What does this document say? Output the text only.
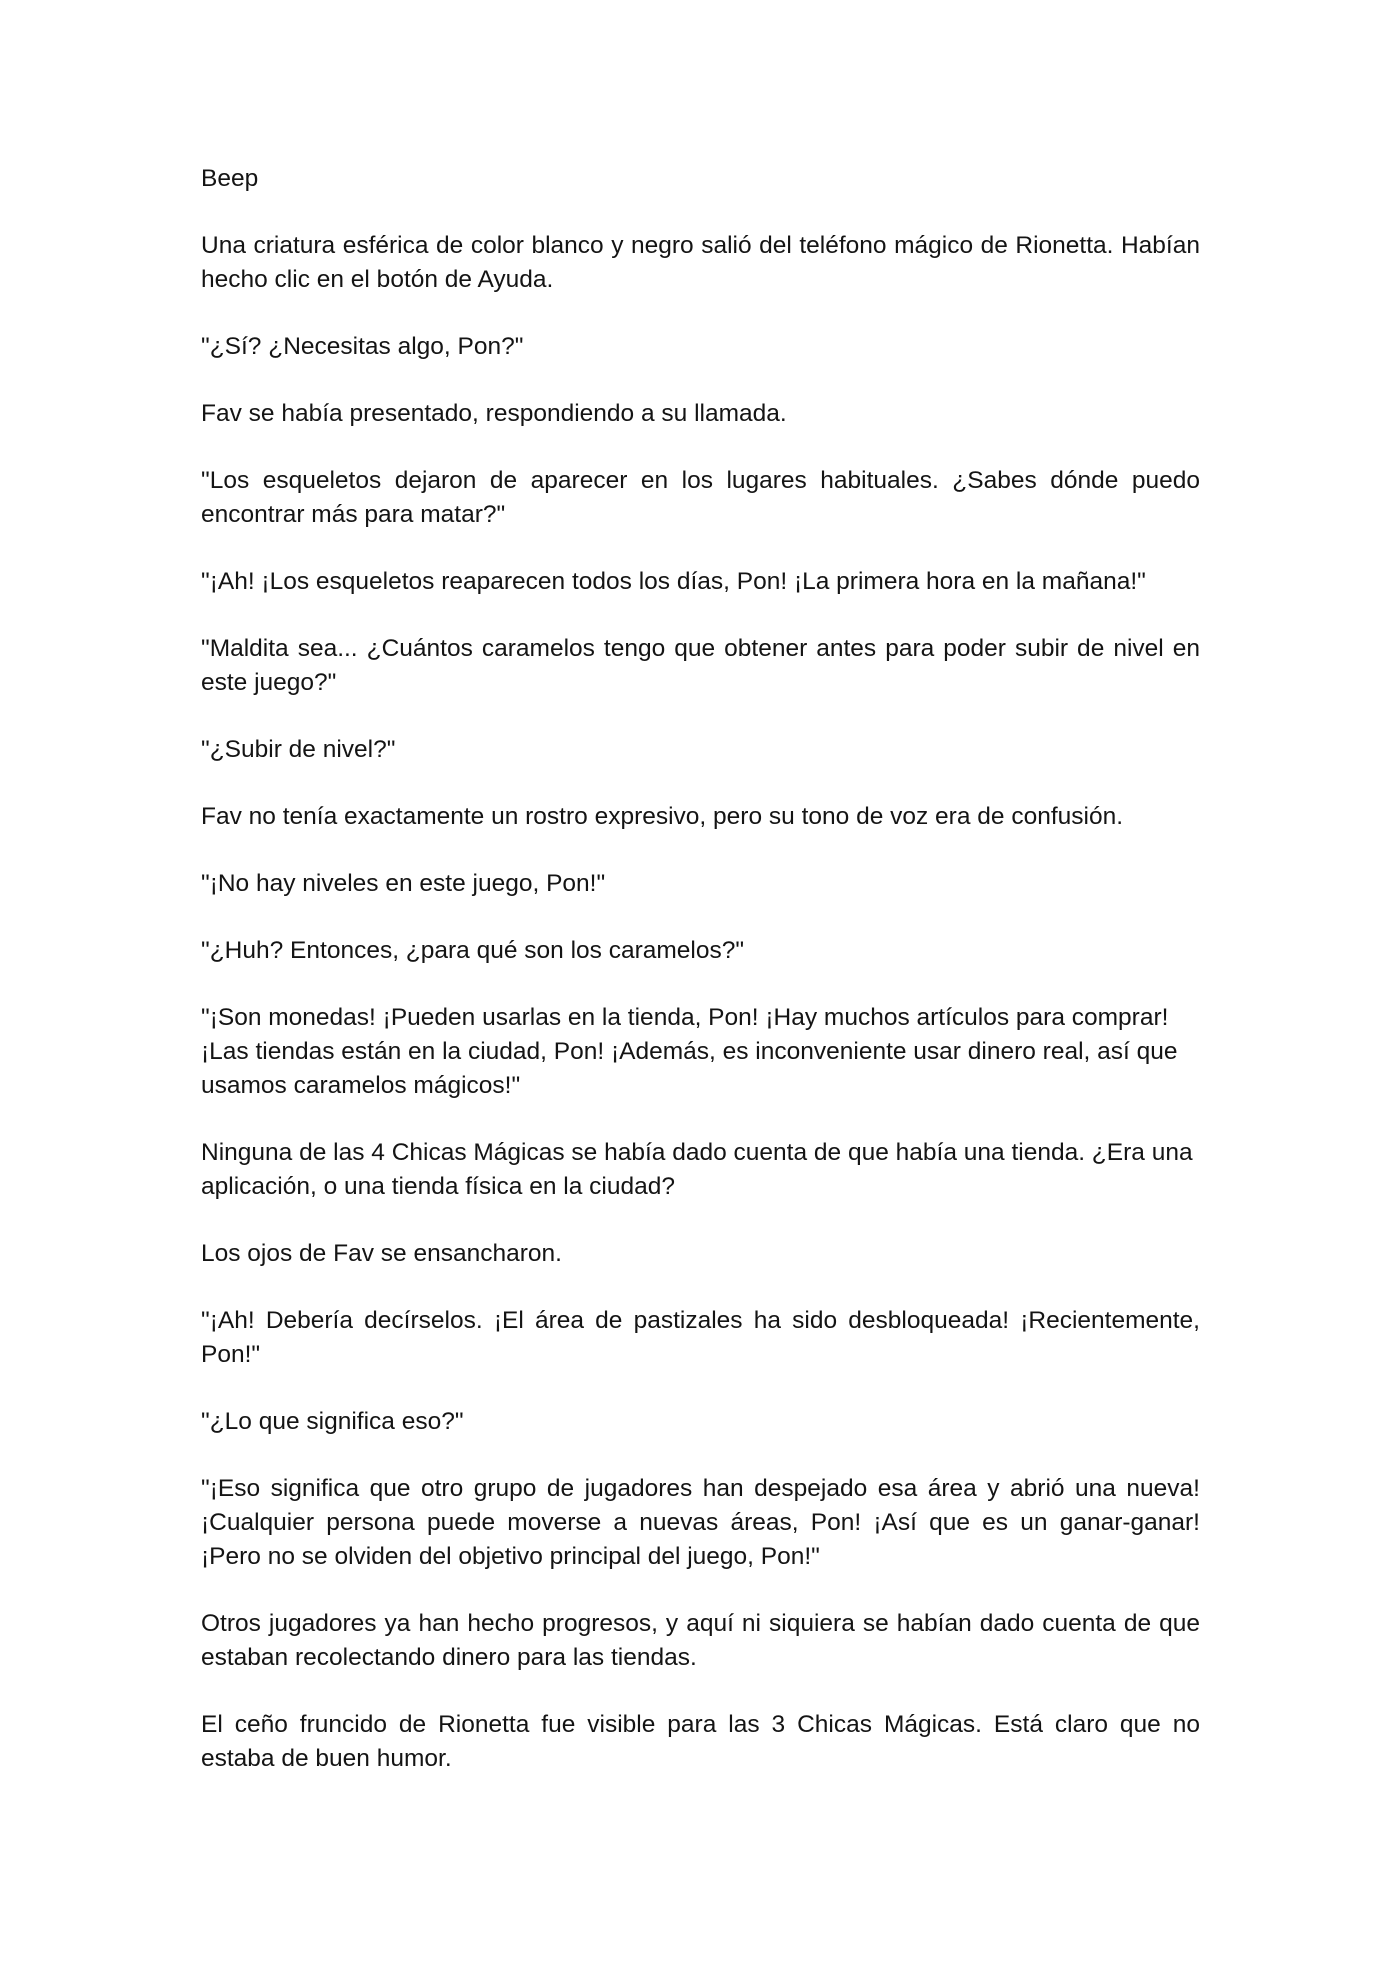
Beep

Una criatura esférica de color blanco y negro salió del teléfono mágico de Rionetta. Habían hecho clic en el botón de Ayuda.

"¿Sí? ¿Necesitas algo, Pon?"

Fav se había presentado, respondiendo a su llamada.

"Los esqueletos dejaron de aparecer en los lugares habituales. ¿Sabes dónde puedo encontrar más para matar?"

"¡Ah! ¡Los esqueletos reaparecen todos los días, Pon! ¡La primera hora en la mañana!"

"Maldita sea... ¿Cuántos caramelos tengo que obtener antes para poder subir de nivel en este juego?"

"¿Subir de nivel?"

Fav no tenía exactamente un rostro expresivo, pero su tono de voz era de confusión.

"¡No hay niveles en este juego, Pon!"

"¿Huh? Entonces, ¿para qué son los caramelos?"

"¡Son monedas! ¡Pueden usarlas en la tienda, Pon! ¡Hay muchos artículos para comprar! ¡Las tiendas están en la ciudad, Pon! ¡Además, es inconveniente usar dinero real, así que usamos caramelos mágicos!"

Ninguna de las 4 Chicas Mágicas se había dado cuenta de que había una tienda. ¿Era una aplicación, o una tienda física en la ciudad?

Los ojos de Fav se ensancharon.

"¡Ah! Debería decírselos. ¡El área de pastizales ha sido desbloqueada! ¡Recientemente, Pon!"

"¿Lo que significa eso?"

"¡Eso significa que otro grupo de jugadores han despejado esa área y abrió una nueva! ¡Cualquier persona puede moverse a nuevas áreas, Pon! ¡Así que es un ganar-ganar! ¡Pero no se olviden del objetivo principal del juego, Pon!"

Otros jugadores ya han hecho progresos, y aquí ni siquiera se habían dado cuenta de que estaban recolectando dinero para las tiendas.

El ceño fruncido de Rionetta fue visible para las 3 Chicas Mágicas. Está claro que no estaba de buen humor.
